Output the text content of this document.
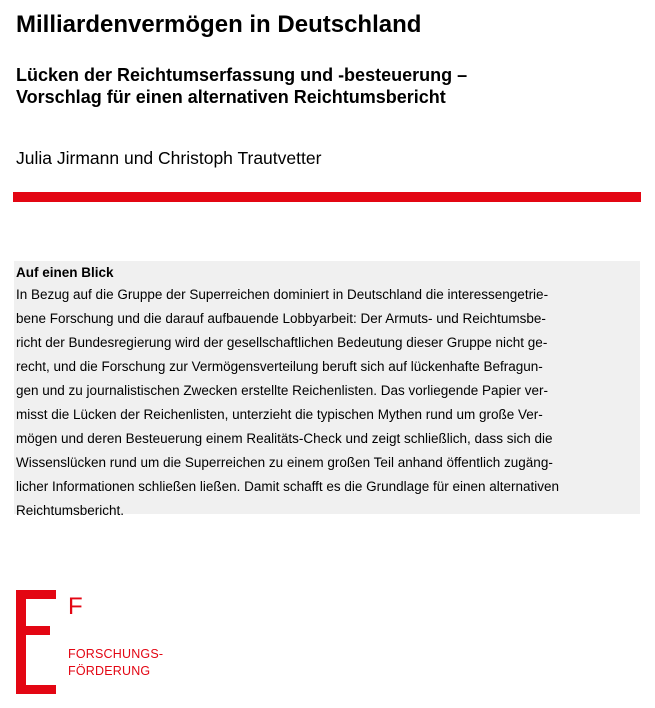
Milliardenvermögen in Deutschland
Lücken der Reichtumserfassung und -besteuerung –
Vorschlag für einen alternativen Reichtumsbericht

Julia Jirmann und Christoph Trautvetter

Auf einen Blick

In Bezug auf die Gruppe der Superreichen dominiert in Deutschland die interessengetrie-
bene Forschung und die darauf aufbauende Lobbyarbeit: Der Armuts- und Reichtumsbe-
richt der Bundesregierung wird der gesellschaftlichen Bedeutung dieser Gruppe nicht ge-
recht, und die Forschung zur Vermögensverteilung beruft sich auf lückenhafte Befragun-
gen und zu journalistischen Zwecken erstellte Reichenlisten. Das vorliegende Papier ver-
misst die Lücken der Reichenlisten, unterzieht die typischen Mythen rund um große Ver-
mögen und deren Besteuerung einem Realitäts-Check und zeigt schließlich, dass sich die
Wissenslücken rund um die Superreichen zu einem großen Teil anhand öffentlich zugäng-
licher Informationen schließen ließen. Damit schafft es die Grundlage für einen alternativen
Reichtumsbericht.

F
FORSCHUNGS-
FÖRDERUNG
